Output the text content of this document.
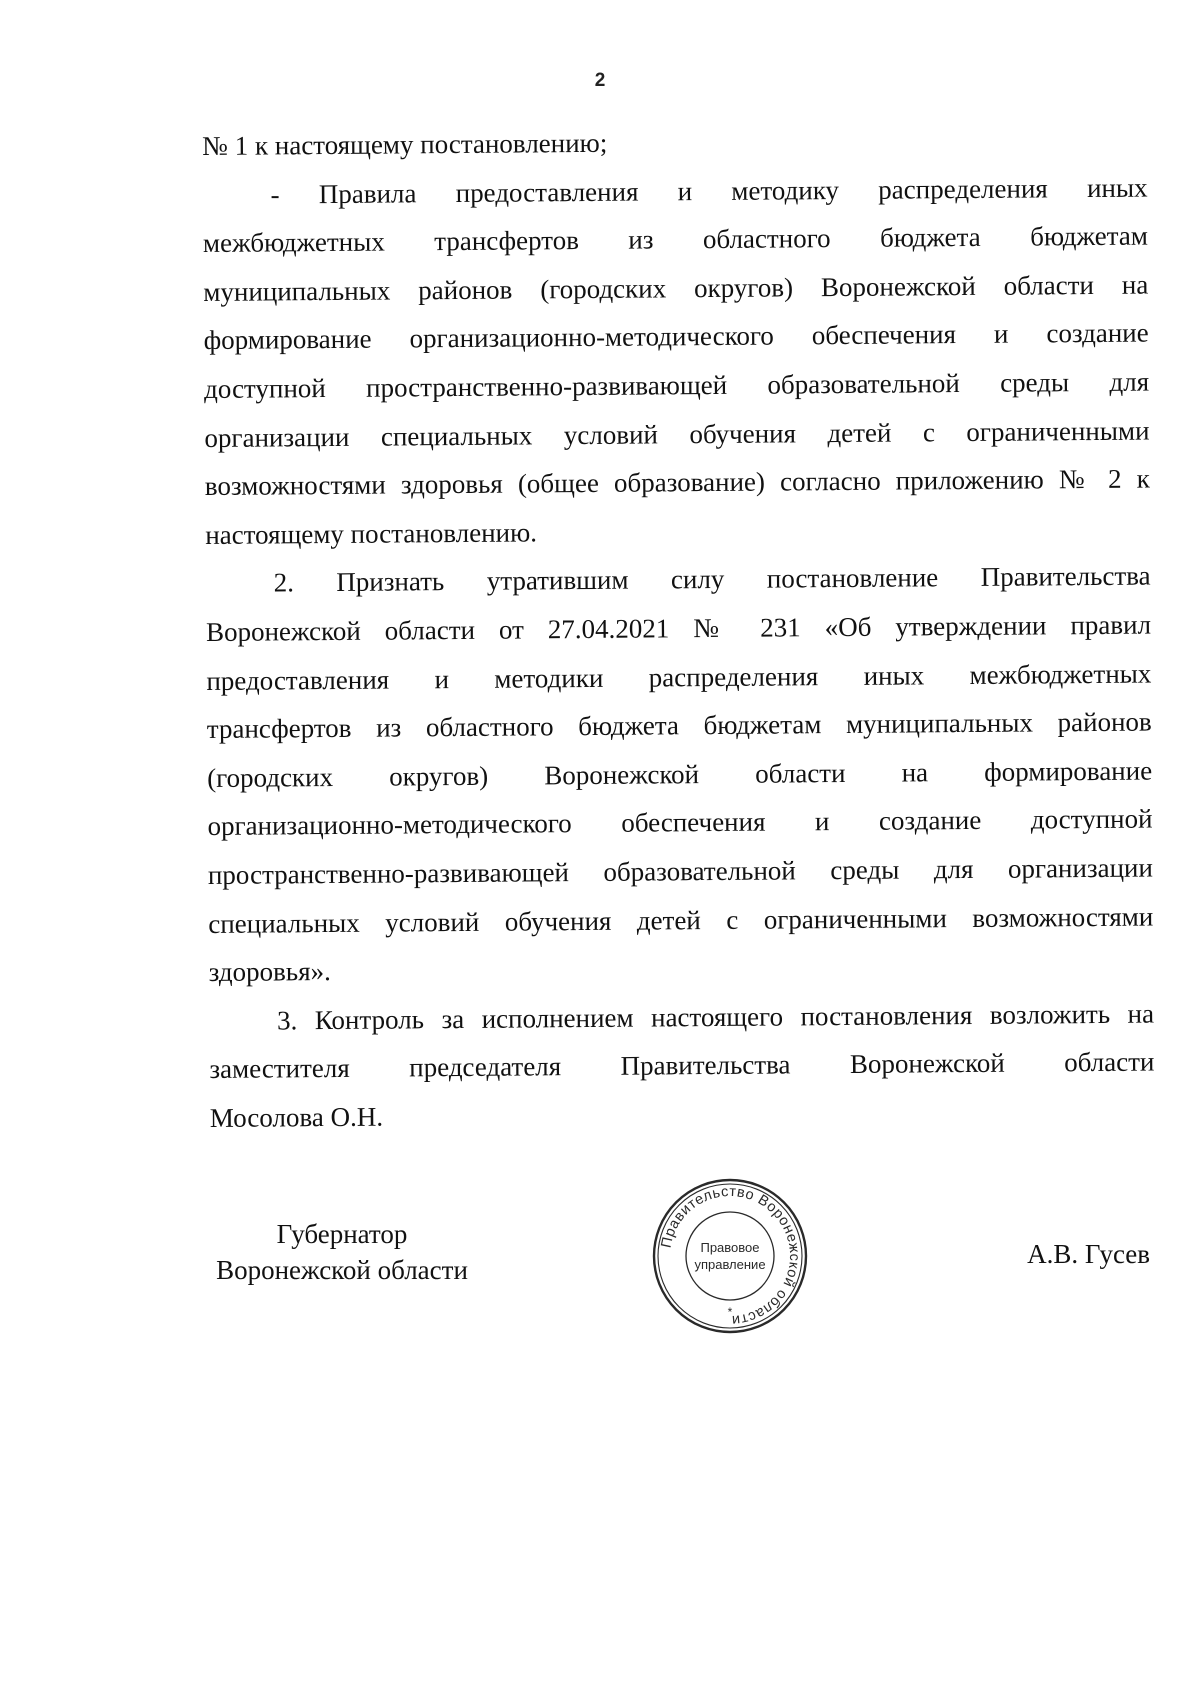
2
№ 1 к настоящему постановлению;
- Правила предоставления и методику распределения иных
межбюджетных трансфертов из областного бюджета бюджетам
муниципальных районов (городских округов) Воронежской области на
формирование организационно-методического обеспечения и создание
доступной пространственно-развивающей образовательной среды для
организации специальных условий обучения детей с ограниченными
возможностями здоровья (общее образование) согласно приложению № 2 к
настоящему постановлению.
2. Признать утратившим силу постановление Правительства
Воронежской области от 27.04.2021 № 231 «Об утверждении правил
предоставления и методики распределения иных межбюджетных
трансфертов из областного бюджета бюджетам муниципальных районов
(городских округов) Воронежской области на формирование
организационно-методического обеспечения и создание доступной
пространственно-развивающей образовательной среды для организации
специальных условий обучения детей с ограниченными возможностями
здоровья».
3. Контроль за исполнением настоящего постановления возложить на
заместителя председателя Правительства Воронежской области
Мосолова О.Н.
Губернатор
Воронежской области
Правительство Воронежской области
Правовое
управление
*
А.В. Гусев
